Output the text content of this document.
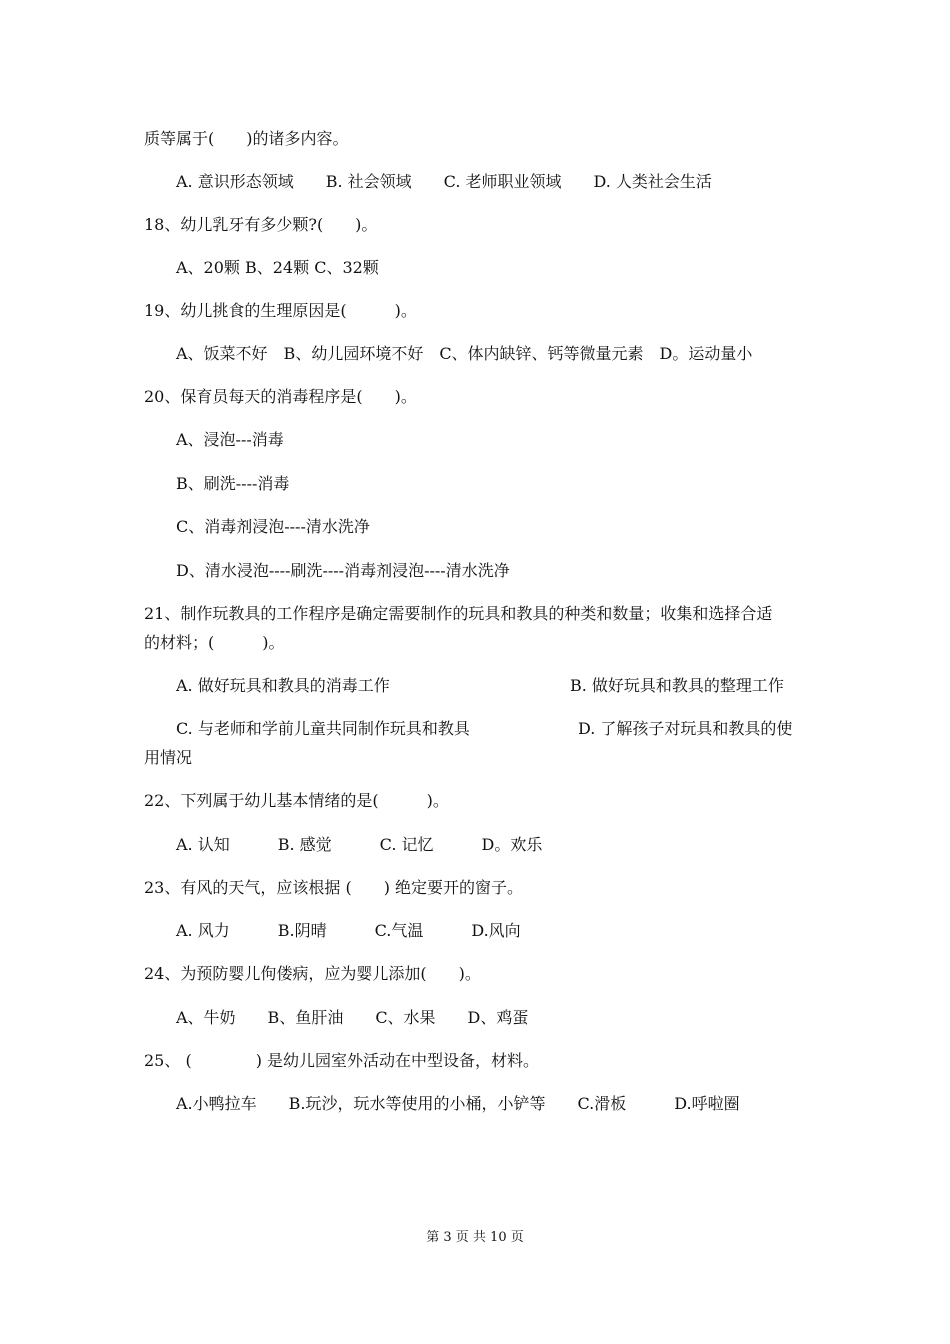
质等属于(　　)的诸多内容。
A. 意识形态领域　　B. 社会领域　　C. 老师职业领域　　D. 人类社会生活
18、幼儿乳牙有多少颗?(　　)。
A、20颗 B、24颗 C、32颗
19、幼儿挑食的生理原因是(　　　)。
A、饭菜不好　B、幼儿园环境不好　C、体内缺锌、钙等微量元素　D。运动量小
20、保育员每天的消毒程序是(　　)。
A、浸泡---消毒
B、刷洗----消毒
C、消毒剂浸泡----清水洗净
D、清水浸泡----刷洗----消毒剂浸泡----清水洗净
21、制作玩教具的工作程序是确定需要制作的玩具和教具的种类和数量；收集和选择合适
的材料；(　　　)。
A. 做好玩具和教具的消毒工作	B. 做好玩具和教具的整理工作
C. 与老师和学前儿童共同制作玩具和教具	D. 了解孩子对玩具和教具的使
用情况
22、下列属于幼儿基本情绪的是(　　　)。
A. 认知　　　B. 感觉　　　C. 记忆　　　D。欢乐
23、有风的天气，应该根据 (　　) 绝定要开的窗子。
A. 风力　　　B.阴晴　　　C.气温　　　D.风向
24、为预防婴儿佝偻病，应为婴儿添加(　　)。
A、牛奶　　B、鱼肝油　　C、水果　　D、鸡蛋
25、 (　　　　) 是幼儿园室外活动在中型设备，材料。
A.小鸭拉车　　B.玩沙，玩水等使用的小桶，小铲等　　C.滑板　　　D.呼啦圈
第 3 页 共 10 页
